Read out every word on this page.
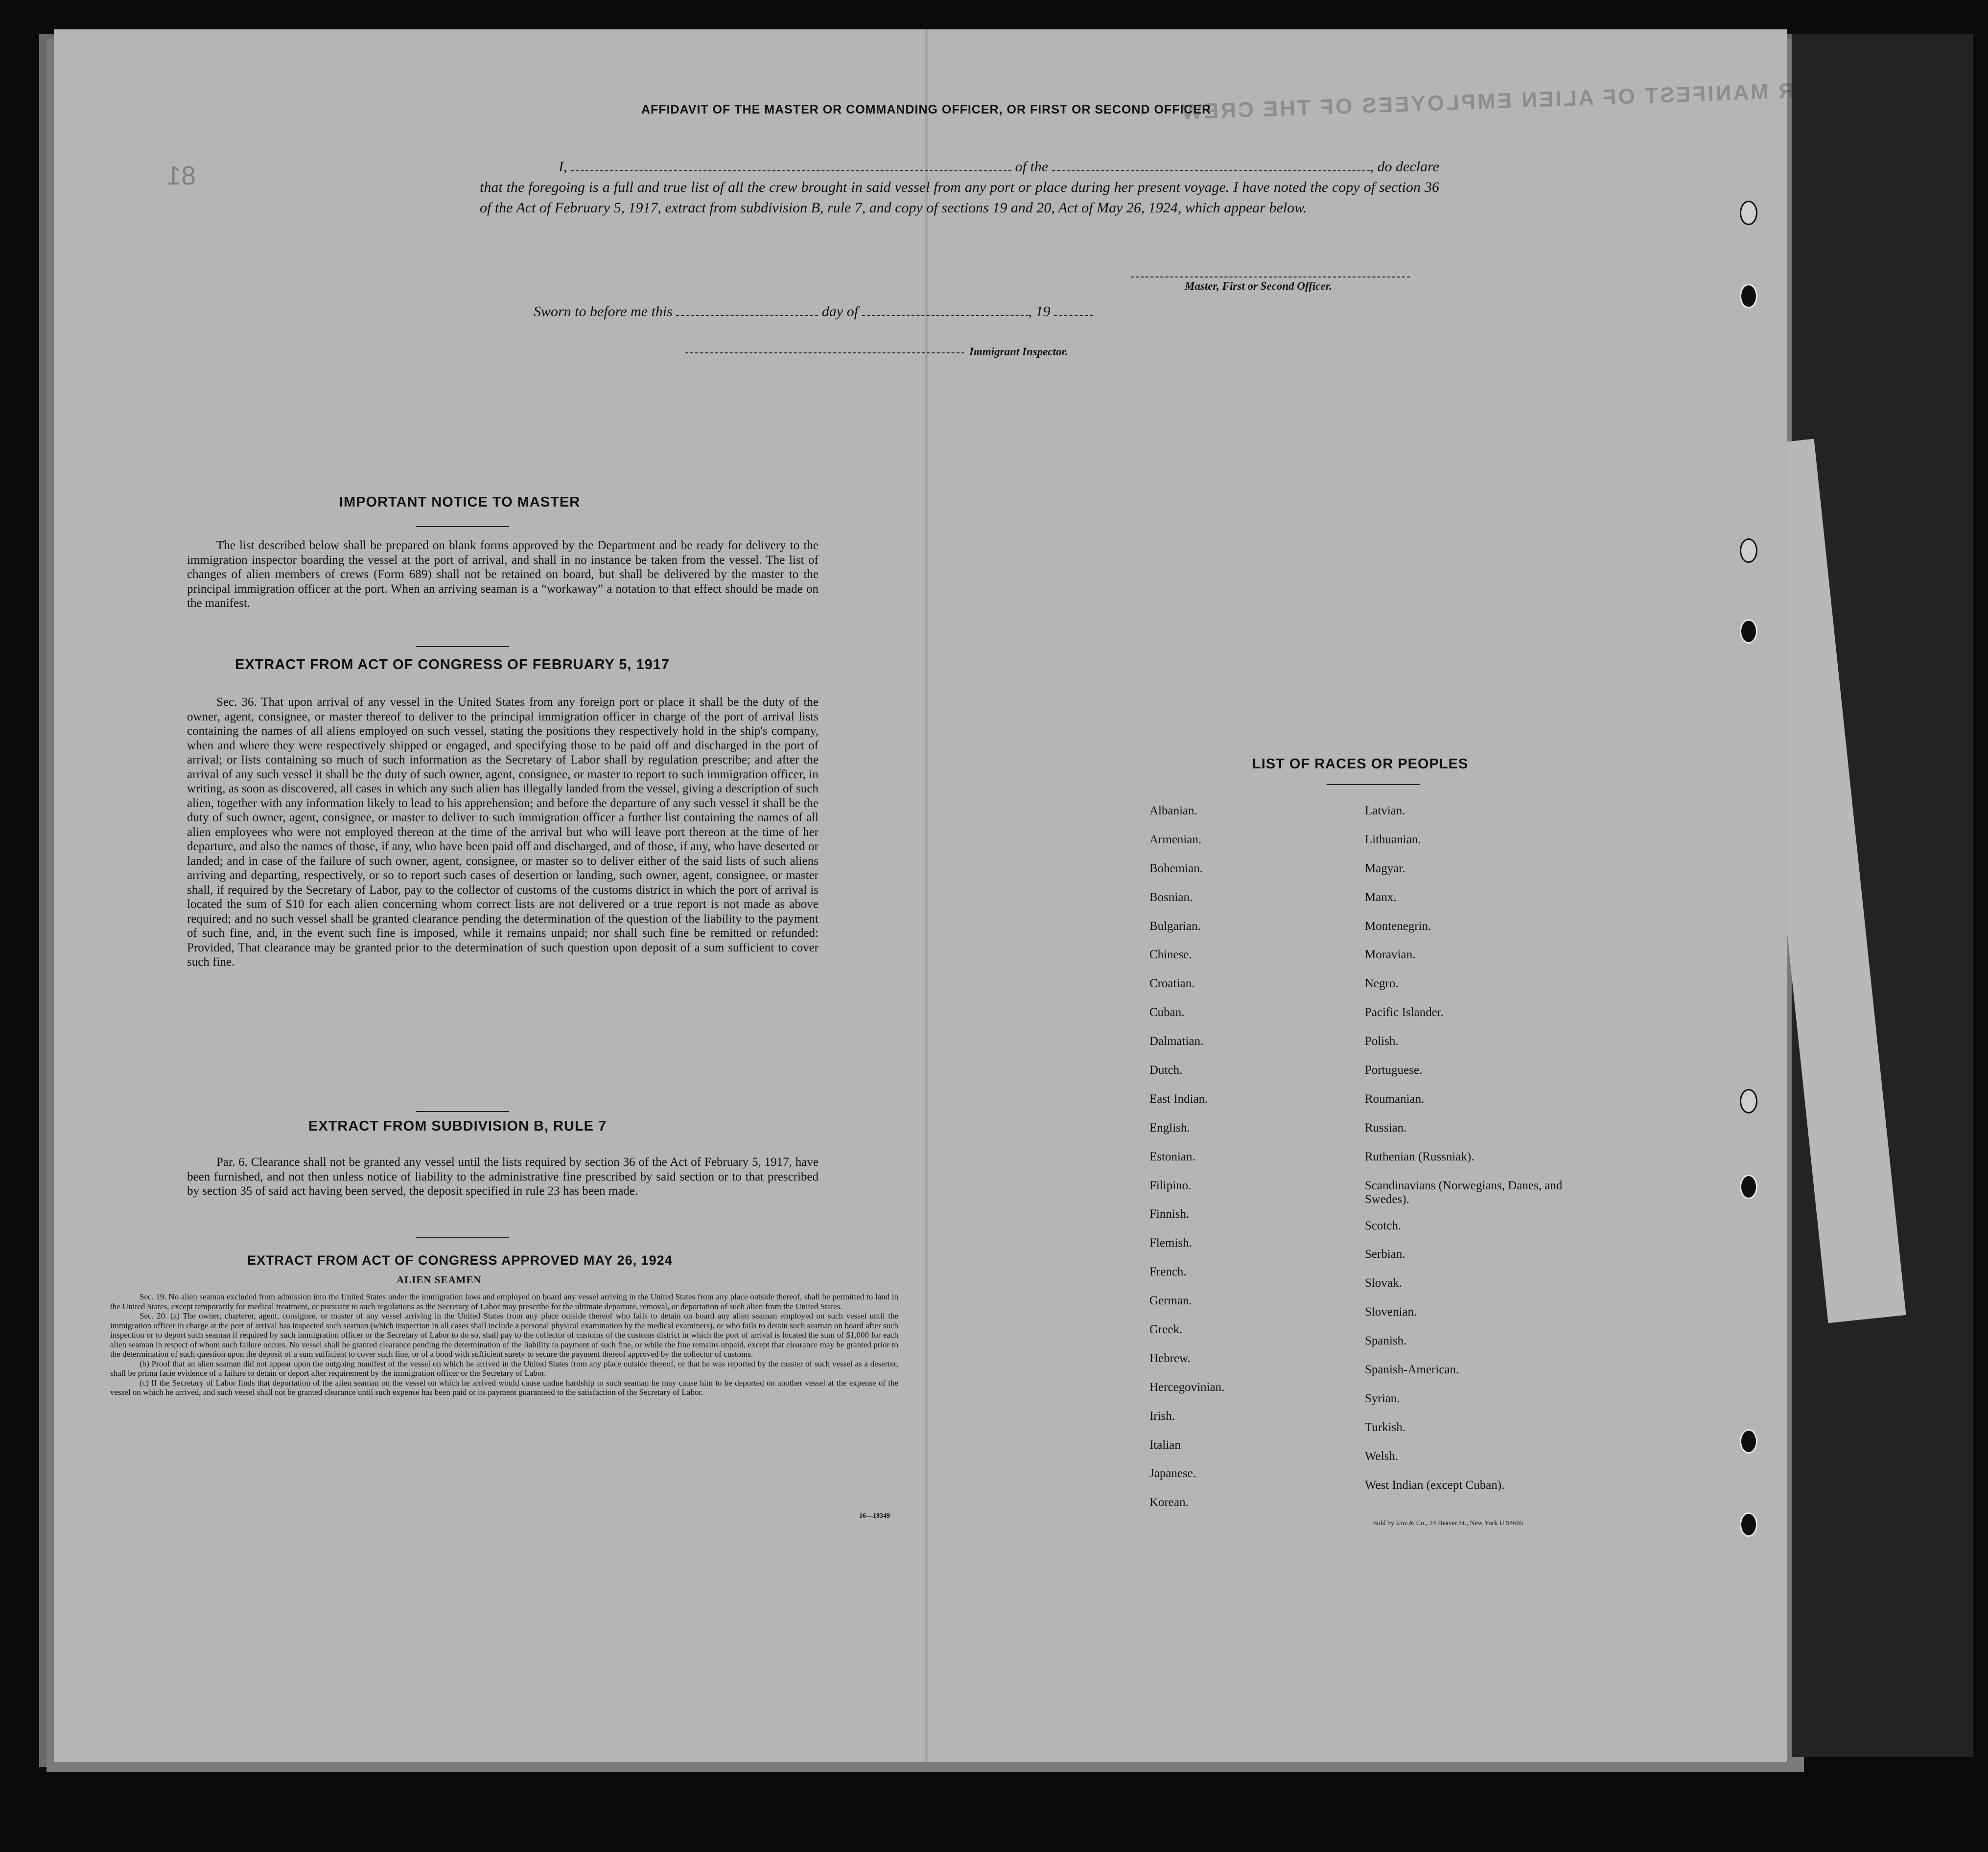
LIST OR MANIFEST OF ALIEN EMPLOYEES OF THE CREW
81
AFFIDAVIT OF THE MASTER OR COMMANDING OFFICER, OR FIRST OR SECOND OFFICER
I,	of the	, do declare
that the foregoing is a full and true list of all the crew brought in said vessel from any port or place during her present voyage. I have noted the copy of section 36 of the Act of February 5, 1917, extract from subdivision B, rule 7, and copy of sections 19 and 20, Act of May 26, 1924, which appear below.
Master, First or Second Officer.
Sworn to before me this	day of	, 19
Immigrant Inspector.
IMPORTANT NOTICE TO MASTER
The list described below shall be prepared on blank forms approved by the Department and be ready for delivery to the immigration inspector boarding the vessel at the port of arrival, and shall in no instance be taken from the vessel. The list of changes of alien members of crews (Form 689) shall not be retained on board, but shall be delivered by the master to the principal immigration officer at the port. When an arriving seaman is a “workaway” a notation to that effect should be made on the manifest.
EXTRACT FROM ACT OF CONGRESS OF FEBRUARY 5, 1917
Sec. 36. That upon arrival of any vessel in the United States from any foreign port or place it shall be the duty of the owner, agent, consignee, or master thereof to deliver to the principal immigration officer in charge of the port of arrival lists containing the names of all aliens employed on such vessel, stating the positions they respectively hold in the ship's company, when and where they were respectively shipped or engaged, and specifying those to be paid off and discharged in the port of arrival; or lists containing so much of such information as the Secretary of Labor shall by regulation prescribe; and after the arrival of any such vessel it shall be the duty of such owner, agent, consignee, or master to report to such immigration officer, in writing, as soon as discovered, all cases in which any such alien has illegally landed from the vessel, giving a description of such alien, together with any information likely to lead to his apprehension; and before the departure of any such vessel it shall be the duty of such owner, agent, consignee, or master to deliver to such immigration officer a further list containing the names of all alien employees who were not employed thereon at the time of the arrival but who will leave port thereon at the time of her departure, and also the names of those, if any, who have been paid off and discharged, and of those, if any, who have deserted or landed; and in case of the failure of such owner, agent, consignee, or master so to deliver either of the said lists of such aliens arriving and departing, respectively, or so to report such cases of desertion or landing, such owner, agent, consignee, or master shall, if required by the Secretary of Labor, pay to the collector of customs of the customs district in which the port of arrival is located the sum of $10 for each alien concerning whom correct lists are not delivered or a true report is not made as above required; and no such vessel shall be granted clearance pending the determination of the question of the liability to the payment of such fine, and, in the event such fine is imposed, while it remains unpaid; nor shall such fine be remitted or refunded: Provided, That clearance may be granted prior to the determination of such question upon deposit of a sum sufficient to cover such fine.
EXTRACT FROM SUBDIVISION B, RULE 7
Par. 6. Clearance shall not be granted any vessel until the lists required by section 36 of the Act of February 5, 1917, have been furnished, and not then unless notice of liability to the administrative fine prescribed by said section or to that prescribed by section 35 of said act having been served, the deposit specified in rule 23 has been made.
EXTRACT FROM ACT OF CONGRESS APPROVED MAY 26, 1924
ALIEN SEAMEN

Sec. 19. No alien seaman excluded from admission into the United States under the immigration laws and employed on board any vessel arriving in the United States from any place outside thereof, shall be permitted to land in the United States, except temporarily for medical treatment, or pursuant to such regulations as the Secretary of Labor may prescribe for the ultimate departure, removal, or deportation of such alien from the United States.

Sec. 20. (a) The owner, charterer, agent, consignee, or master of any vessel arriving in the United States from any place outside thereof who fails to detain on board any alien seaman employed on such vessel until the immigration officer in charge at the port of arrival has inspected such seaman (which inspection in all cases shall include a personal physical examination by the medical examiners), or who fails to detain such seaman on board after such inspection or to deport such seaman if required by such immigration officer or the Secretary of Labor to do so, shall pay to the collector of customs of the customs district in which the port of arrival is located the sum of $1,000 for each alien seaman in respect of whom such failure occurs. No vessel shall be granted clearance pending the determination of the liability to payment of such fine, or while the fine remains unpaid, except that clearance may be granted prior to the determination of such question upon the deposit of a sum sufficient to cover such fine, or of a bond with sufficient surety to secure the payment thereof approved by the collector of customs.

(b) Proof that an alien seaman did not appear upon the outgoing manifest of the vessel on which he arrived in the United States from any place outside thereof, or that he was reported by the master of such vessel as a deserter, shall be prima facie evidence of a failure to detain or deport after requirement by the immigration officer or the Secretary of Labor.

(c) If the Secretary of Labor finds that deportation of the alien seaman on the vessel on which he arrived would cause undue hardship to such seaman he may cause him to be deported on another vessel at the expense of the vessel on which he arrived, and such vessel shall not be granted clearance until such expense has been paid or its payment guaranteed to the satisfaction of the Secretary of Labor.

16—19349
LIST OF RACES OR PEOPLES
Albanian.
Armenian.
Bohemian.
Bosnian.
Bulgarian.
Chinese.
Croatian.
Cuban.
Dalmatian.
Dutch.
East Indian.
English.
Estonian.
Filipino.
Finnish.
Flemish.
French.
German.
Greek.
Hebrew.
Hercegovinian.
Irish.
Italian
Japanese.
Korean.
Latvian.
Lithuanian.
Magyar.
Manx.
Montenegrin.
Moravian.
Negro.
Pacific Islander.
Polish.
Portuguese.
Roumanian.
Russian.
Ruthenian (Russniak).
Scandinavians (Norwegians, Danes, and Swedes).
Scotch.
Serbian.
Slovak.
Slovenian.
Spanish.
Spanish-American.
Syrian.
Turkish.
Welsh.
West Indian (except Cuban).
Sold by Unz & Co., 24 Beaver St., New York U 94605
